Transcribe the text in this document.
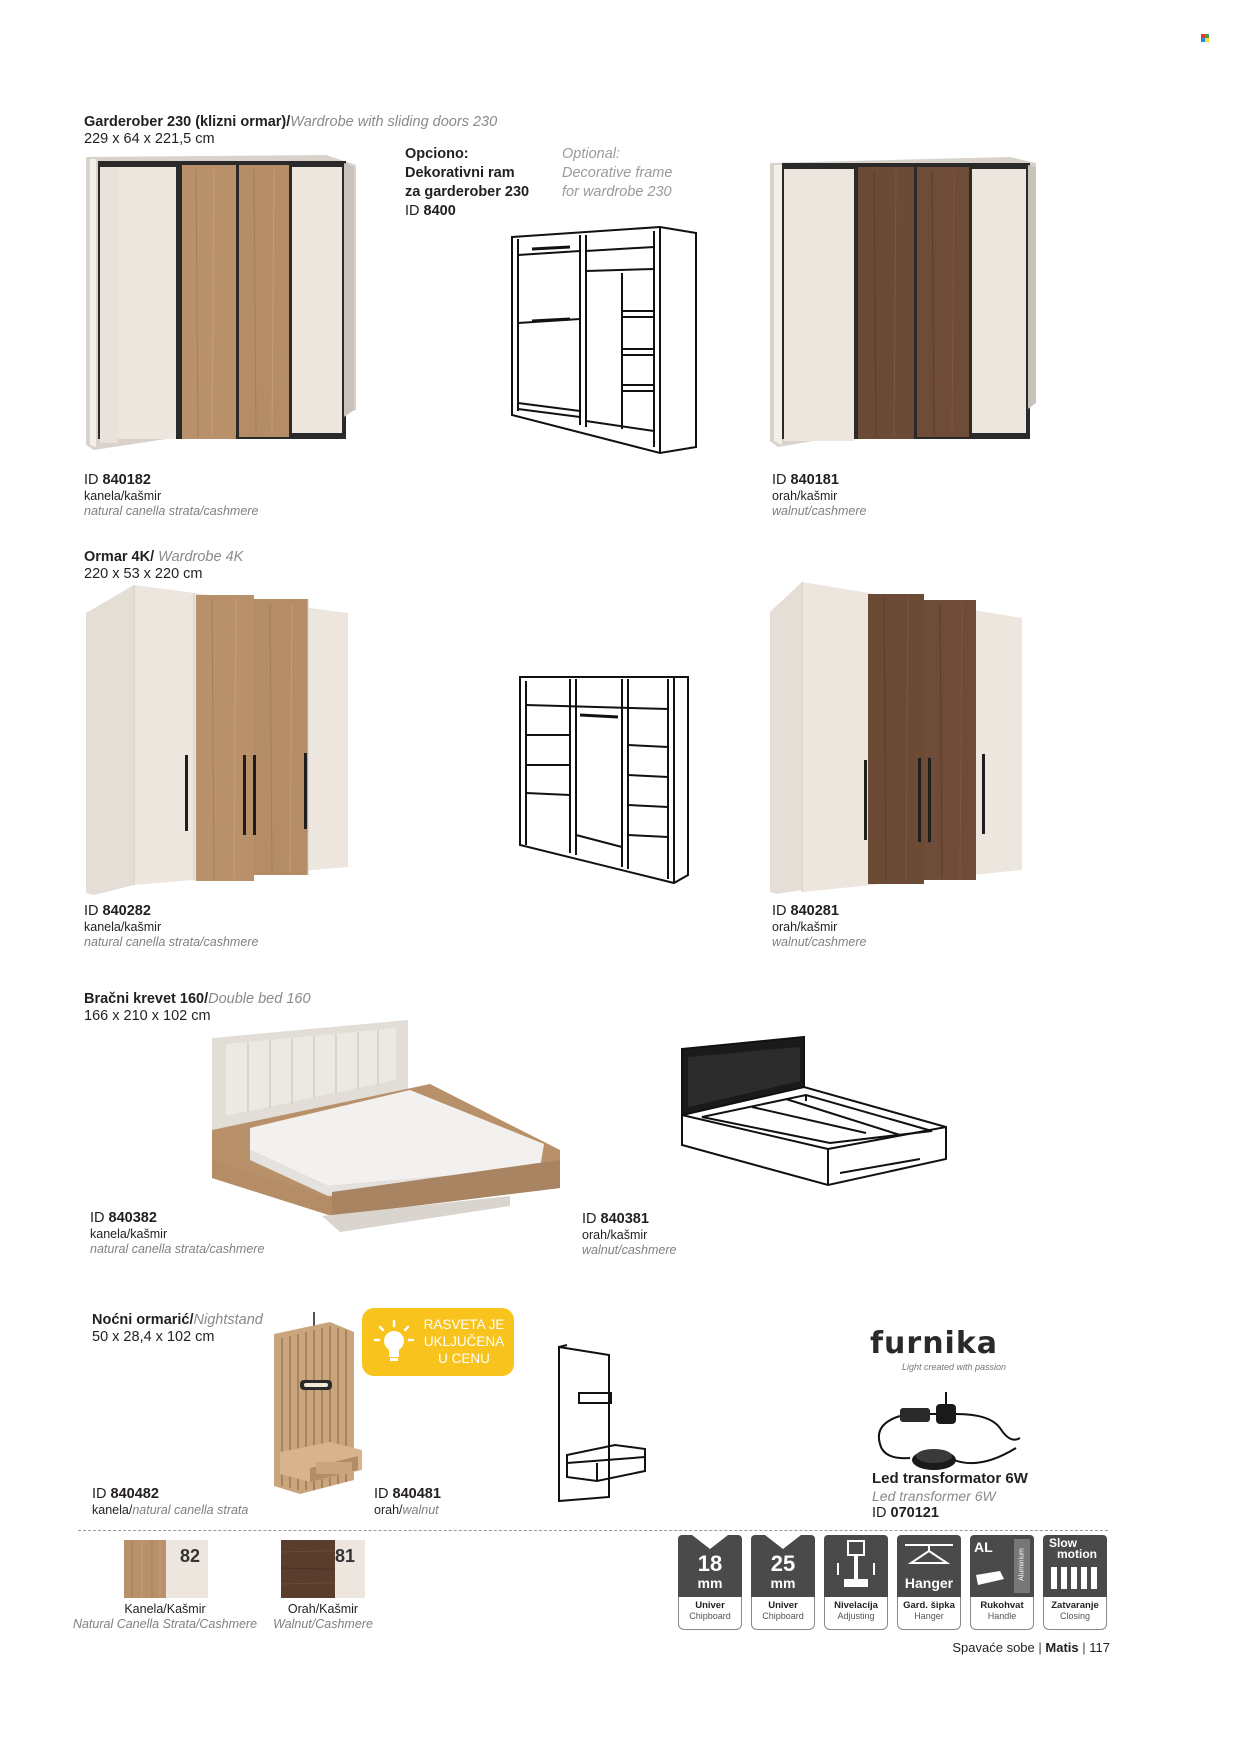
Garderober 230 (klizni ormar)/Wardrobe with sliding doors 230
229 x 64 x 221,5 cm
Opciono:
Dekorativni ram
za garderober 230
ID 8400
Optional:
Decorative frame
for wardrobe 230
ID 840182
kanela/kašmir
natural canella strata/cashmere
ID 840181
orah/kašmir
walnut/cashmere
Ormar 4K/ Wardrobe 4K
220 x 53 x 220 cm
ID 840282
kanela/kašmir
natural canella strata/cashmere
ID 840281
orah/kašmir
walnut/cashmere
Bračni krevet 160/Double bed 160
166 x 210 x 102 cm
ID 840382
kanela/kašmir
natural canella strata/cashmere
ID 840381
orah/kašmir
walnut/cashmere
Noćni ormarić/Nightstand
50 x 28,4 x 102 cm
RASVETA JE
UKLJUČENA
U CENU
ID 840482
kanela/natural canella strata
ID 840481
orah/walnut
furnika
Light created with passion
Led transformator 6W
Led transformer 6W
ID 070121
82
Kanela/Kašmir
Natural Canella Strata/Cashmere
81
Orah/Kašmir
Walnut/Cashmere
18
mm
Univer
Chipboard
25
mm
Univer
Chipboard
Nivelacija
Adjusting
Hanger
Gard. šipka
Hanger
AL
Aluminium
Rukohvat
Handle
Slow
motion
Zatvaranje
Closing
Spavaće sobe | Matis | 117
